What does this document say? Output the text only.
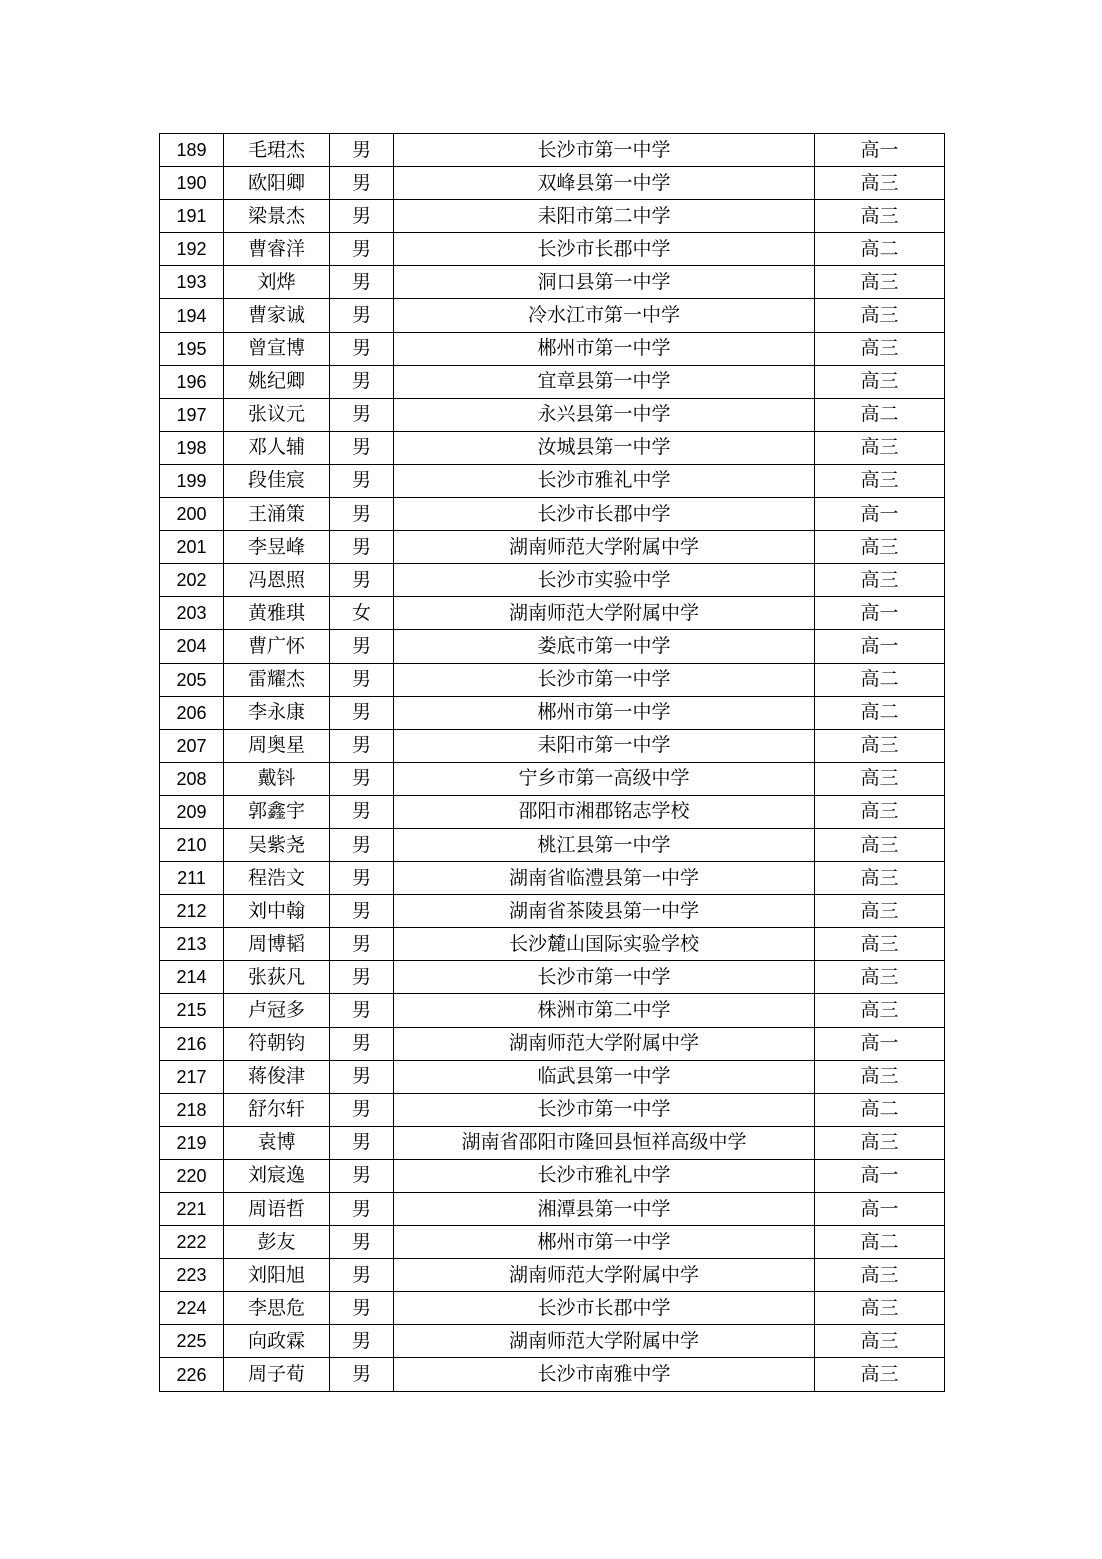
189	毛珺杰	男	长沙市第一中学	高一
190	欧阳卿	男	双峰县第一中学	高三
191	梁景杰	男	耒阳市第二中学	高三
192	曹睿洋	男	长沙市长郡中学	高二
193	刘烨	男	洞口县第一中学	高三
194	曹家诚	男	冷水江市第一中学	高三
195	曾宣博	男	郴州市第一中学	高三
196	姚纪卿	男	宜章县第一中学	高三
197	张议元	男	永兴县第一中学	高二
198	邓人辅	男	汝城县第一中学	高三
199	段佳宸	男	长沙市雅礼中学	高三
200	王涌策	男	长沙市长郡中学	高一
201	李昱峰	男	湖南师范大学附属中学	高三
202	冯恩照	男	长沙市实验中学	高三
203	黄雅琪	女	湖南师范大学附属中学	高一
204	曹广怀	男	娄底市第一中学	高一
205	雷耀杰	男	长沙市第一中学	高二
206	李永康	男	郴州市第一中学	高二
207	周奥星	男	耒阳市第一中学	高三
208	戴钭	男	宁乡市第一高级中学	高三
209	郭鑫宇	男	邵阳市湘郡铭志学校	高三
210	吴紫尧	男	桃江县第一中学	高三
211	程浩文	男	湖南省临澧县第一中学	高三
212	刘中翰	男	湖南省茶陵县第一中学	高三
213	周博韬	男	长沙麓山国际实验学校	高三
214	张荻凡	男	长沙市第一中学	高三
215	卢冠多	男	株洲市第二中学	高三
216	符朝钧	男	湖南师范大学附属中学	高一
217	蒋俊津	男	临武县第一中学	高三
218	舒尔轩	男	长沙市第一中学	高二
219	袁博	男	湖南省邵阳市隆回县恒祥高级中学	高三
220	刘宸逸	男	长沙市雅礼中学	高一
221	周语哲	男	湘潭县第一中学	高一
222	彭友	男	郴州市第一中学	高二
223	刘阳旭	男	湖南师范大学附属中学	高三
224	李思危	男	长沙市长郡中学	高三
225	向政霖	男	湖南师范大学附属中学	高三
226	周子荀	男	长沙市南雅中学	高三
